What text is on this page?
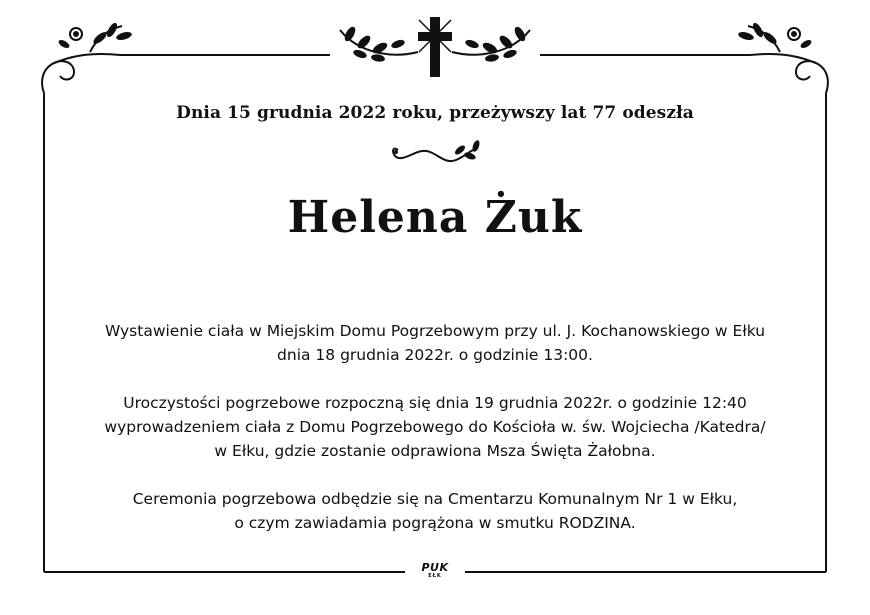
Dnia 15 grudnia 2022 roku, przeżywszy lat 77 odeszła
Helena Żuk
Wystawienie ciała w Miejskim Domu Pogrzebowym przy ul. J. Kochanowskiego w Ełku
dnia 18 grudnia 2022r. o godzinie 13:00.
Uroczystości pogrzebowe rozpoczną się dnia 19 grudnia 2022r. o godzinie 12:40
wyprowadzeniem ciała z Domu Pogrzebowego do Kościoła w. św. Wojciecha /Katedra/
w Ełku, gdzie zostanie odprawiona Msza Święta Żałobna.
Ceremonia pogrzebowa odbędzie się na Cmentarzu Komunalnym Nr 1 w Ełku,
o czym zawiadamia pogrążona w smutku RODZINA.
PUK
EŁK
